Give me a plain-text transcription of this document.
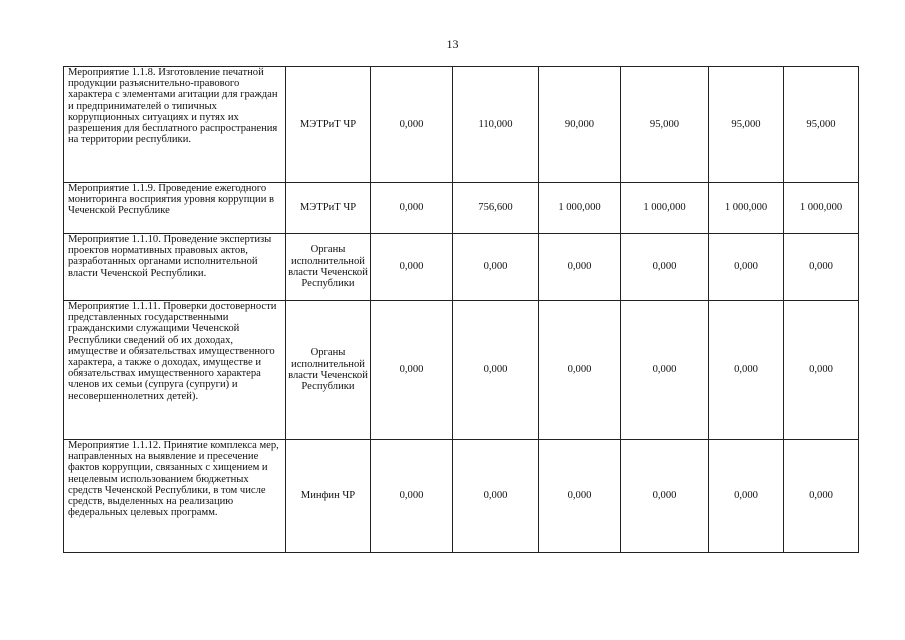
13
Мероприятие 1.1.8. Изготовление печатной продукции разъяснительно-правового характера с элементами агитации для граждан и предпринимателей о типичных коррупционных ситуациях и путях их разрешения для бесплатного распространения на территории республики.	МЭТРиТ ЧР	0,000	110,000	90,000	95,000	95,000	95,000
Мероприятие 1.1.9. Проведение ежегодного мониторинга восприятия уровня коррупции в Чеченской Республике	МЭТРиТ ЧР	0,000	756,600	1 000,000	1 000,000	1 000,000	1 000,000
Мероприятие 1.1.10. Проведение экспертизы проектов нормативных правовых актов, разработанных органами исполнительной власти Чеченской Республики.	Органы исполнительной власти Чеченской Республики	0,000	0,000	0,000	0,000	0,000	0,000
Мероприятие 1.1.11. Проверки достоверности представленных государственными гражданскими служащими Чеченской Республики сведений об их доходах, имуществе и обязательствах имущественного характера, а также о доходах, имуществе и обязательствах имущественного характера членов их семьи (супруга (супруги) и несовершеннолетних детей).	Органы исполнительной власти Чеченской Республики	0,000	0,000	0,000	0,000	0,000	0,000
Мероприятие 1.1.12. Принятие комплекса мер, направленных на выявление и пресечение фактов коррупции, связанных с хищением и нецелевым использованием бюджетных средств Чеченской Республики, в том числе средств, выделенных на реализацию федеральных целевых программ.	Минфин ЧР	0,000	0,000	0,000	0,000	0,000	0,000
